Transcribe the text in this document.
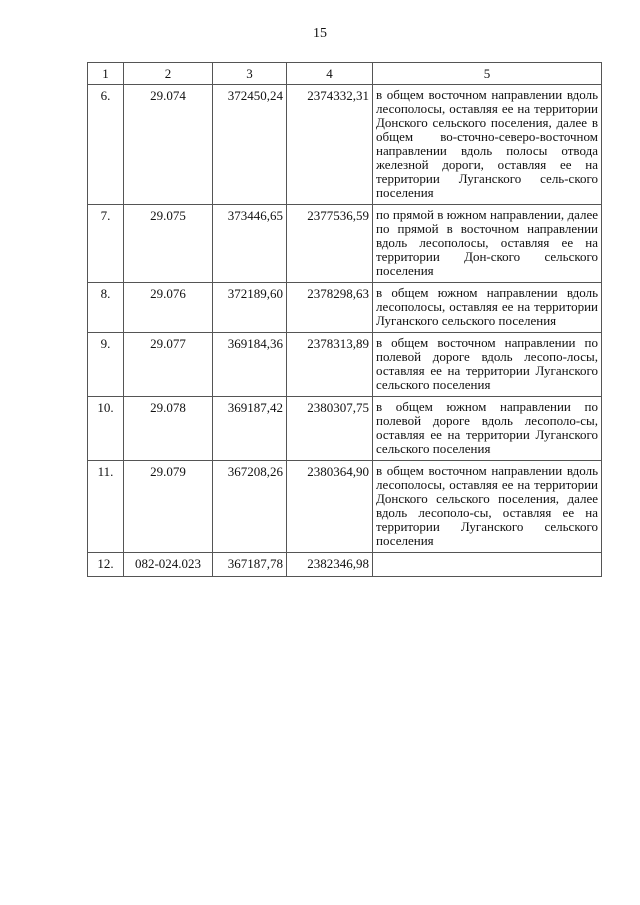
15
1	2	3	4	5
6.	29.074	372450,24	2374332,31	в общем восточном направлении вдоль лесополосы, оставляя ее на территории Донского сельского поселения, далее в общем во-сточно-северо-восточном направлении вдоль полосы отвода железной дороги, оставляя ее на территории Луганского сель-ского поселения
7.	29.075	373446,65	2377536,59	по прямой в южном направлении, далее по прямой в восточном направлении вдоль лесополосы, оставляя ее на территории Дон-ского сельского поселения
8.	29.076	372189,60	2378298,63	в общем южном направлении вдоль лесополосы, оставляя ее на территории Луганского сельского поселения
9.	29.077	369184,36	2378313,89	в общем восточном направлении по полевой дороге вдоль лесопо-лосы, оставляя ее на территории Луганского сельского поселения
10.	29.078	369187,42	2380307,75	в общем южном направлении по полевой дороге вдоль лесополо-сы, оставляя ее на территории Луганского сельского поселения
11.	29.079	367208,26	2380364,90	в общем восточном направлении вдоль лесополосы, оставляя ее на территории Донского сельского поселения, далее вдоль лесополо-сы, оставляя ее на территории Луганского сельского поселения
12.	082-024.023	367187,78	2382346,98	
